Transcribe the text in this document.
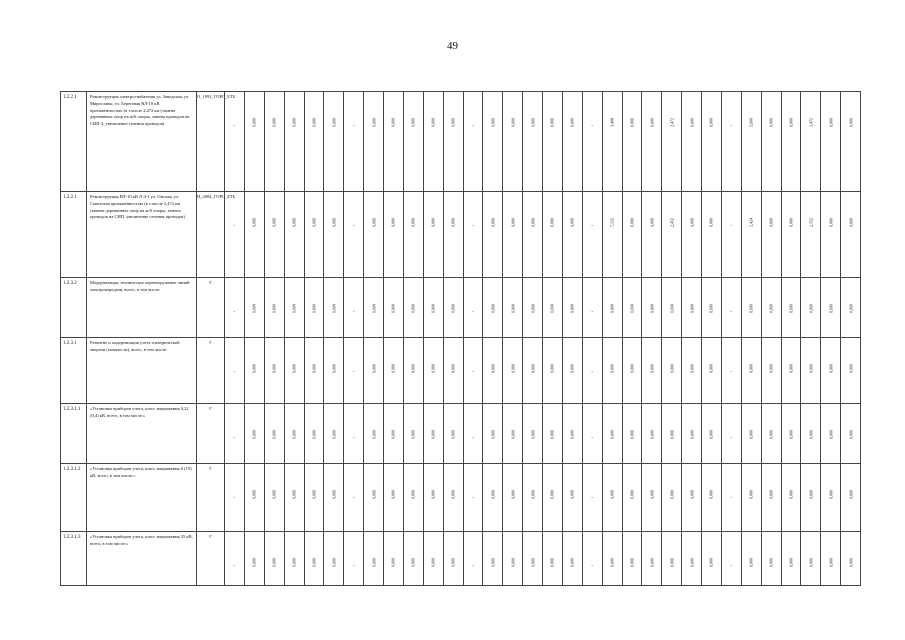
49
1.2.2.1	Реконструкция электроснабжения ул. Заводская, ул. Мирославы, ул. Береговая ВЛ-10 кВ протяжённостью (в т.числе 2,472 км (замена деревянных опор на ж/б опоры, замена проводов на СИП-3, увеличение сечения проводов)	О_1993_ГОРС_ЕТЬ	-	0,000	0,000	0,000	0,000	0,000	-	0,000	0,000	0,000	0,000	0,000	-	0,000	0,000	0,000	0,000	0,000	-	3,408	0,000	0,000	2,472	0,000	0,000	-	3,000	0,000	0,000	1,472	0,000	0,000

1.2.2.1	Реконструкция ВЛ-10 кВ Л-4-1 ул. Омская, ул. Советская протяжённостью (в т.числе 2,472 км (замена деревянных опор на ж/б опоры, замена проводов на СИП, увеличение сечения проводов)	Н_2004_ГОРС_ЕТЬ	-	0,000	0,000	0,000	0,000	0,000	-	0,000	0,000	0,000	0,000	0,000	-	0,000	0,000	0,000	0,000	0,000	-	7,125	0,000	0,000	2,452	0,000	0,000	-	2,424	0,000	0,000	2,352	0,000	0,000

1.2.3.2	Модернизация, техническое перевооружение линий электропередачи, всего, в том числе:	Г	-	0,000	0,000	0,000	0,000	0,000	-	0,000	0,000	0,000	0,000	0,000	-	0,000	0,000	0,000	0,000	0,000	-	0,000	0,000	0,000	0,000	0,000	0,000	-	0,000	0,000	0,000	0,000	0,000	0,000

1.2.3.1	Развитие и модернизация учета электрической энергии (мощности), всего, в том числе:	Г	-	0,000	0,000	0,000	0,000	0,000	-	0,000	0,000	0,000	0,000	0,000	-	0,000	0,000	0,000	0,000	0,000	-	0,000	0,000	0,000	0,000	0,000	0,000	-	0,000	0,000	0,000	0,000	0,000	0,000

1.2.3.1.1	«Установка приборов учета, класс напряжения 0,22 (0,4) кВ, всего, в том числе:»	Г	-	0,000	0,000	0,000	0,000	0,000	-	0,000	0,000	0,000	0,000	0,000	-	0,000	0,000	0,000	0,000	0,000	-	0,000	0,000	0,000	0,000	0,000	0,000	-	0,000	0,000	0,000	0,000	0,000	0,000

1.2.3.1.2	«Установка приборов учета, класс напряжения 6 (10) кВ, всего, в том числе:»	Г	-	0,000	0,000	0,000	0,000	0,000	-	0,000	0,000	0,000	0,000	0,000	-	0,000	0,000	0,000	0,000	0,000	-	0,000	0,000	0,000	0,000	0,000	0,000	-	0,000	0,000	0,000	0,000	0,000	0,000

1.2.3.1.3	«Установка приборов учета, класс напряжения 35 кВ, всего, в том числе:»	Г	-	0,000	0,000	0,000	0,000	0,000	-	0,000	0,000	0,000	0,000	0,000	-	0,000	0,000	0,000	0,000	0,000	-	0,000	0,000	0,000	0,000	0,000	0,000	-	0,000	0,000	0,000	0,000	0,000	0,000
